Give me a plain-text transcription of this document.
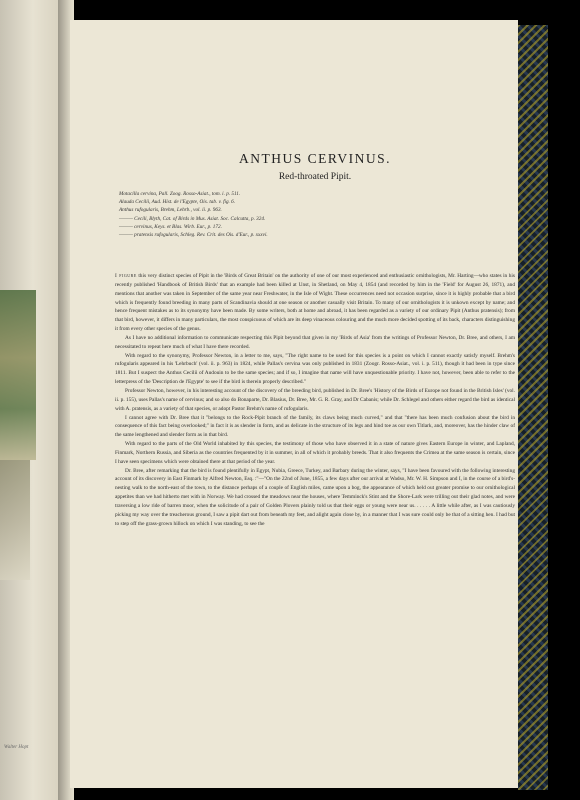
Walter Hopt
ANTHUS CERVINUS.
Red-throated Pipit.
Motacilla cervina, Pall. Zoog. Rosso-Asiat., tom. i. p. 511.
Alauda Cecilii, Aud. Hist. de l'Egypte, Ois. tab. v. fig. 6.
Anthus rufogularis, Brehm, Lehrb., vol. ii. p. 963.
——— Cecili, Blyth, Cat. of Birds in Mus. Asiat. Soc. Calcutta, p. 324.
——— cervinus, Keys. et Blas. Wirb. Eur., p. 172.
——— pratensis rufogularis, Schleg. Rev. Crit. des Ois. d'Eur., p. xxxvi.

I figure this very distinct species of Pipit in the 'Birds of Great Britain' on the authority of one of our most experienced and enthusiastic ornithologists, Mr. Harting—who states in his recently published 'Handbook of British Birds' that an example had been killed at Unst, in Shetland, on May 4, 1854 (and recorded by him in the 'Field' for August 26, 1871), and mentions that another was taken in September of the same year near Freshwater, in the Isle of Wight. These occurrences need not occasion surprise, since it is highly probable that a bird which is frequently found breeding in many parts of Scandinavia should at one season or another casually visit Britain. To many of our ornithologists it is unkown except by name; and hence frequent mistakes as to its synonymy have been made. By some writers, both at home and abroad, it has been regarded as a variety of our ordinary Pipit (Anthus pratensis); from that bird, however, it differs in many particulars, the most conspicuous of which are its deep vinaceous colouring and the much more decided spotting of its back, characters distinguishing it from every other species of the genus.

As I have no additional information to communicate respecting this Pipit beyond that given in my 'Birds of Asia' from the writings of Professor Newton, Dr. Bree, and others, I am necessitated to repeat here much of what I have there recorded.

With regard to the synonymy, Professor Newton, in a letter to me, says, "The right name to be used for this species is a point on which I cannot exactly satisfy myself. Brehm's rufogularis appeared in his 'Lehrbuch' (vol. ii. p. 963) in 1824, while Pallas's cervina was only published in 1831 (Zoogr. Rosso-Asiat., vol. i. p. 511), though it had been in type since 1811. But I suspect the Anthus Cecilii of Audouin to be the same species; and if so, I imagine that name will have unquestionable priority. I have not, however, been able to refer to the letterpress of the 'Description de l'Egypte' to see if the bird is therein properly described."

Professor Newton, however, in his interesting account of the discovery of the breeding bird, published in Dr. Bree's 'History of the Birds of Europe not found in the British Isles' (vol. ii. p. 155), uses Pallas's name of cervinus; and so also do Bonaparte, Dr. Blasius, Dr. Bree, Mr. G. R. Gray, and Dr Cabanis; while Dr. Schlegel and others either regard the bird as identical with A. pratensis, as a variety of that species, or adopt Pastor Brehm's name of rufogularis.

I cannot agree with Dr. Bree that it "belongs to the Rock-Pipit branch of the family, its claws being much curved," and that "there has been much confusion about the bird in consequence of this fact being overlooked;" in fact it is as slender in form, and as delicate in the structure of its legs and hind toe as our own Titlark, and, moreover, has the hinder claw of the same lengthened and slender form as in that bird.

With regard to the parts of the Old World inhabited by this species, the testimony of those who have observed it in a state of nature gives Eastern Europe in winter, and Lapland, Finmark, Northern Russia, and Siberia as the countries frequented by it in summer, in all of which it probably breeds. That it also frequents the Crimea at the same season is certain, since I have seen specimens which were obtained there at that period of the year.

Dr. Bree, after remarking that the bird is found plentifully in Egypt, Nubia, Greece, Turkey, and Barbary during the winter, says, "I have been favoured with the following interesting account of its discovery in East Finmark by Alfred Newton, Esq. :"—"On the 22nd of June, 1855, a few days after our arrival at Wadso, Mr. W. H. Simpson and I, in the course of a bird's-nesting walk to the north-east of the town, to the distance perhaps of a couple of English miles, came upon a bog, the appearance of which held out greater promise to our ornithological appetites than we had hitherto met with in Norway. We had crossed the meadows near the houses, where Temminck's Stint and the Shore-Lark were trilling out their glad notes, and were traversing a low ride of barren moor, when the solicitude of a pair of Golden Plovers plainly told us that their eggs or young were near us. . . . . . A little while after, as I was cautiously picking my way over the treacherous ground, I saw a pipit dart out from beneath my feet, and alight again close by, in a manner that I was sure could only be that of a sitting hen. I had but to step off the grass-grown hillock on which I was standing, to see the
